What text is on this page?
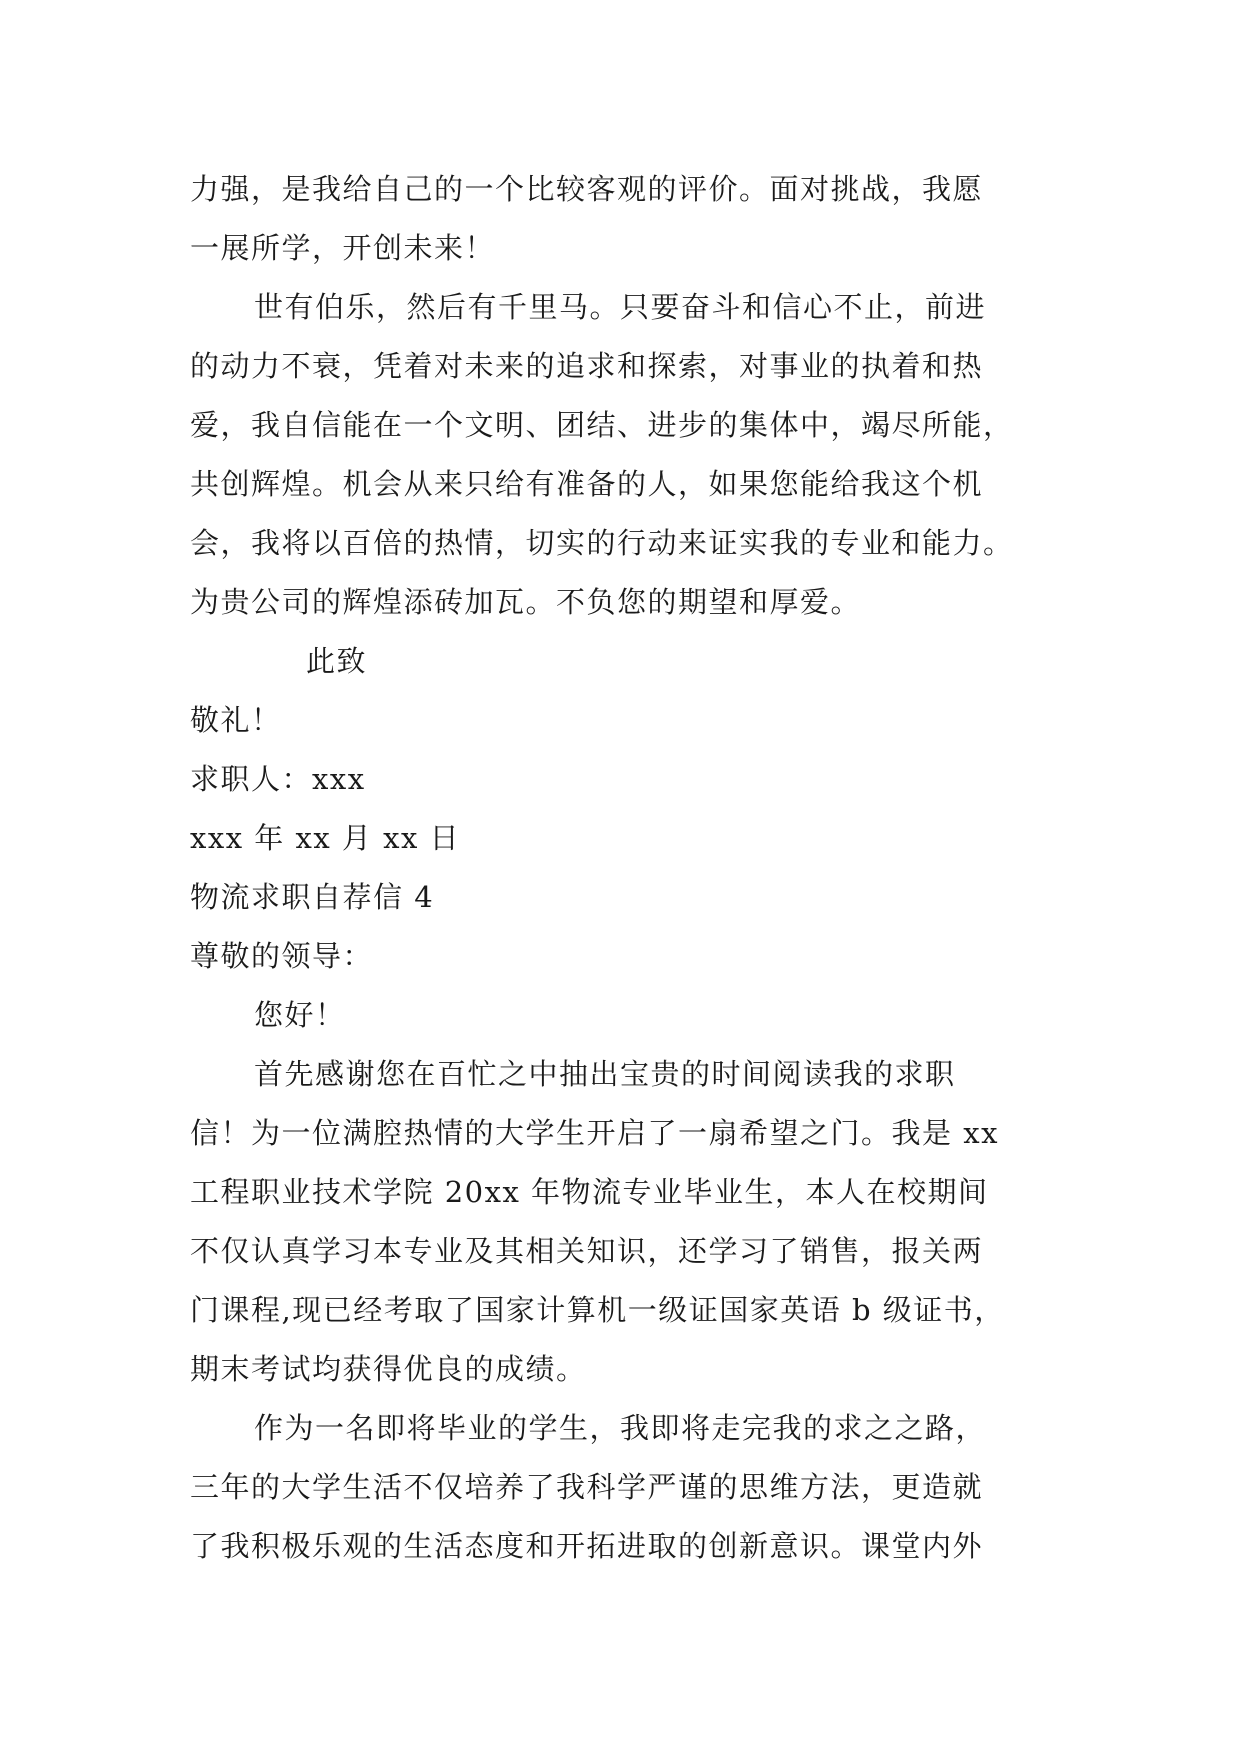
力强，是我给自己的一个比较客观的评价。面对挑战，我愿
一展所学，开创未来！
世有伯乐，然后有千里马。只要奋斗和信心不止，前进
的动力不衰，凭着对未来的追求和探索，对事业的执着和热
爱，我自信能在一个文明、团结、进步的集体中，竭尽所能，
共创辉煌。机会从来只给有准备的人，如果您能给我这个机
会，我将以百倍的热情，切实的行动来证实我的专业和能力。
为贵公司的辉煌添砖加瓦。不负您的期望和厚爱。
此致
敬礼！
求职人：xxx
xxx 年 xx 月 xx 日
物流求职自荐信 4
尊敬的领导：
您好！
首先感谢您在百忙之中抽出宝贵的时间阅读我的求职
信！为一位满腔热情的大学生开启了一扇希望之门。我是 xx
工程职业技术学院 20xx 年物流专业毕业生，本人在校期间
不仅认真学习本专业及其相关知识，还学习了销售，报关两
门课程,现已经考取了国家计算机一级证国家英语 b 级证书，
期末考试均获得优良的成绩。
作为一名即将毕业的学生，我即将走完我的求之之路，
三年的大学生活不仅培养了我科学严谨的思维方法，更造就
了我积极乐观的生活态度和开拓进取的创新意识。课堂内外
